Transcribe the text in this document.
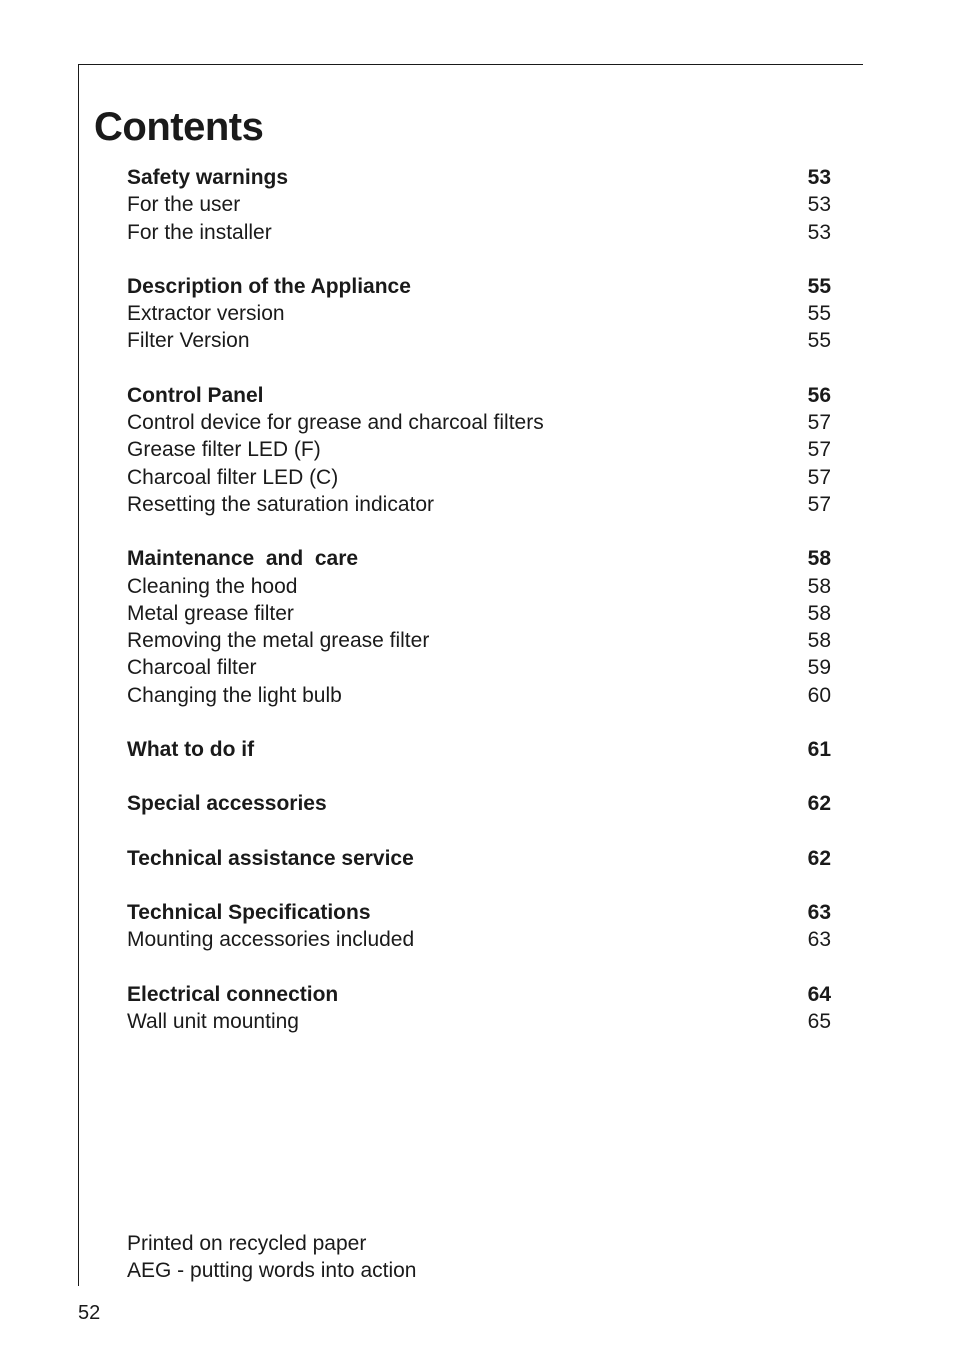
Contents
Safety warnings	53
For the user	53
For the installer	53
Description of the Appliance	55
Extractor version	55
Filter Version	55
Control Panel	56
Control device for grease and charcoal filters	57
Grease filter LED (F)	57
Charcoal filter LED (C)	57
Resetting the saturation indicator	57
Maintenance  and  care	58
Cleaning the hood	58
Metal grease filter	58
Removing the metal grease filter	58
Charcoal filter	59
Changing the light bulb	60
What to do if	61
Special accessories	62
Technical assistance service	62
Technical Specifications	63
Mounting accessories included	63
Electrical connection	64
Wall unit mounting	65
Printed on recycled paper
AEG - putting words into action
52
